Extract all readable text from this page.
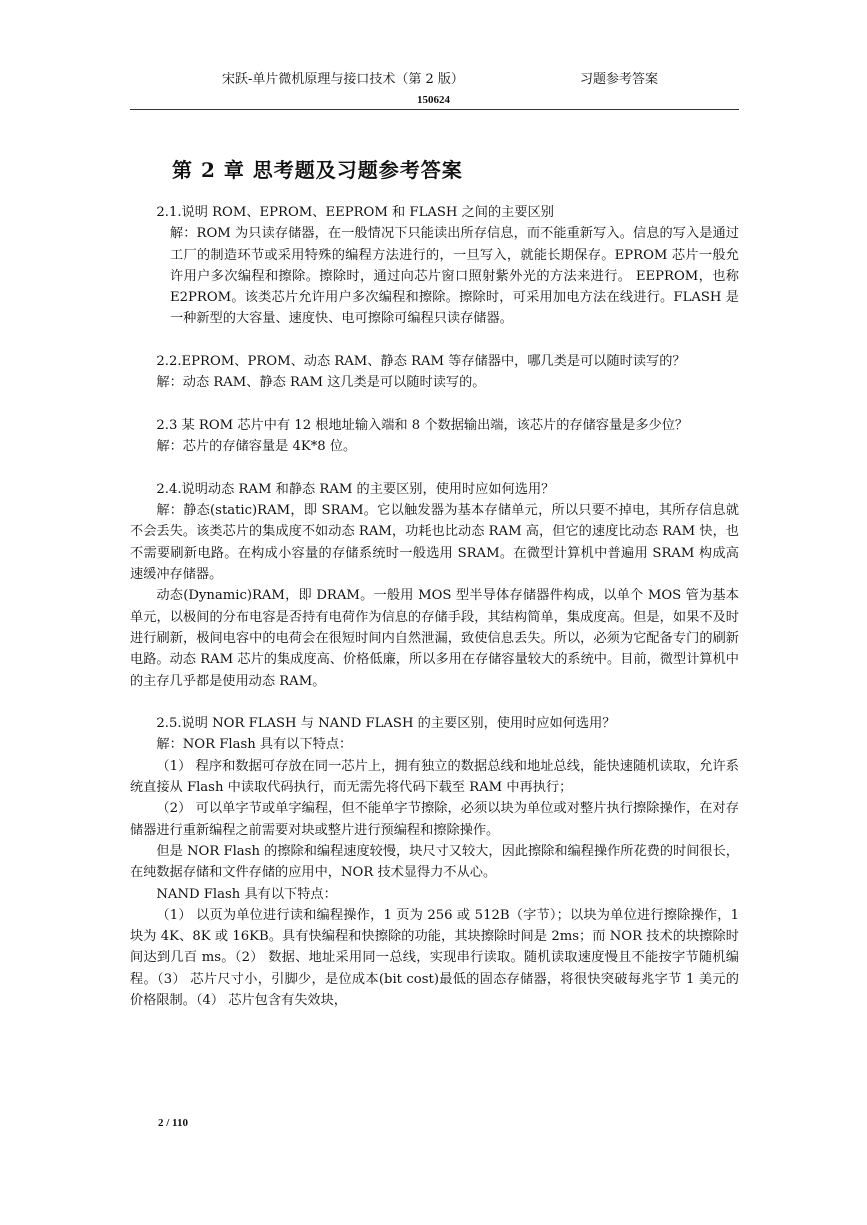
宋跃-单片微机原理与接口技术（第 2 版）	习题参考答案
150624
第 2 章 思考题及习题参考答案

2.1.说明 ROM、EPROM、EEPROM 和 FLASH 之间的主要区别

解：ROM 为只读存储器，在一般情况下只能读出所存信息，而不能重新写入。信息的写入是通过工厂的制造环节或采用特殊的编程方法进行的，一旦写入，就能长期保存。EPROM 芯片一般允许用户多次编程和擦除。擦除时，通过向芯片窗口照射紫外光的方法来进行。 EEPROM，也称 E2PROM。该类芯片允许用户多次编程和擦除。擦除时，可采用加电方法在线进行。FLASH 是一种新型的大容量、速度快、电可擦除可编程只读存储器。

2.2.EPROM、PROM、动态 RAM、静态 RAM 等存储器中，哪几类是可以随时读写的？

解：动态 RAM、静态 RAM 这几类是可以随时读写的。

2.3 某 ROM 芯片中有 12 根地址输入端和 8 个数据输出端，该芯片的存储容量是多少位？

解：芯片的存储容量是 4K*8 位。

2.4.说明动态 RAM 和静态 RAM 的主要区别，使用时应如何选用？

解：静态(static)RAM，即 SRAM。它以触发器为基本存储单元，所以只要不掉电，其所存信息就不会丢失。该类芯片的集成度不如动态 RAM，功耗也比动态 RAM 高，但它的速度比动态 RAM 快，也不需要刷新电路。在构成小容量的存储系统时一般选用 SRAM。在微型计算机中普遍用 SRAM 构成高速缓冲存储器。

动态(Dynamic)RAM，即 DRAM。一般用 MOS 型半导体存储器件构成，以单个 MOS 管为基本单元，以极间的分布电容是否持有电荷作为信息的存储手段，其结构简单，集成度高。但是，如果不及时进行刷新，极间电容中的电荷会在很短时间内自然泄漏，致使信息丢失。所以，必须为它配备专门的刷新电路。动态 RAM 芯片的集成度高、价格低廉，所以多用在存储容量较大的系统中。目前，微型计算机中的主存几乎都是使用动态 RAM。

2.5.说明 NOR FLASH 与 NAND FLASH 的主要区别，使用时应如何选用？

解：NOR Flash 具有以下特点：

（1） 程序和数据可存放在同一芯片上，拥有独立的数据总线和地址总线，能快速随机读取，允许系统直接从 Flash 中读取代码执行，而无需先将代码下载至 RAM 中再执行；

（2） 可以单字节或单字编程，但不能单字节擦除，必须以块为单位或对整片执行擦除操作，在对存储器进行重新编程之前需要对块或整片进行预编程和擦除操作。

但是 NOR Flash 的擦除和编程速度较慢，块尺寸又较大，因此擦除和编程操作所花费的时间很长，在纯数据存储和文件存储的应用中，NOR 技术显得力不从心。

NAND Flash 具有以下特点：

（1） 以页为单位进行读和编程操作，1 页为 256 或 512B（字节）；以块为单位进行擦除操作，1 块为 4K、8K 或 16KB。具有快编程和快擦除的功能，其块擦除时间是 2ms；而 NOR 技术的块擦除时间达到几百 ms。（2） 数据、地址采用同一总线，实现串行读取。随机读取速度慢且不能按字节随机编程。（3） 芯片尺寸小，引脚少，是位成本(bit cost)最低的固态存储器，将很快突破每兆字节 1 美元的价格限制。（4） 芯片包含有失效块，

2 / 110
